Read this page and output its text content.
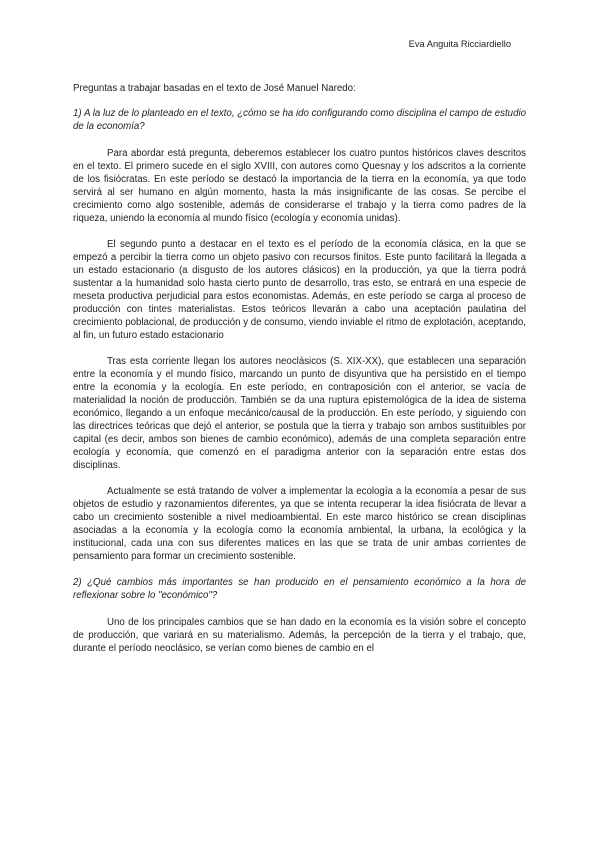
Eva Anguita Ricciardiello

Preguntas a trabajar basadas en el texto de José Manuel Naredo:

1) A la luz de lo planteado en el texto, ¿cómo se ha ido configurando como disciplina el campo de estudio de la economía?

Para abordar está pregunta, deberemos establecer los cuatro puntos históricos claves descritos en el texto. El primero sucede en el siglo XVIII, con autores como Quesnay y los adscritos a la corriente de los fisiócratas. En este período se destacó la importancia de la tierra en la economía, ya que todo servirá al ser humano en algún momento, hasta la más insignificante de las cosas. Se percibe el crecimiento como algo sostenible, además de considerarse el trabajo y la tierra como padres de la riqueza, uniendo la economía al mundo físico (ecología y economía unidas).

El segundo punto a destacar en el texto es el período de la economía clásica, en la que se empezó a percibir la tierra como un objeto pasivo con recursos finitos. Este punto facilitará la llegada a un estado estacionario (a disgusto de los autores clásicos) en la producción, ya que la tierra podrá sustentar a la humanidad solo hasta cierto punto de desarrollo, tras esto, se entrará en una especie de meseta productiva perjudicial para estos economistas. Además, en este período se carga al proceso de producción con tintes materialistas. Estos teóricos llevarán a cabo una aceptación paulatina del crecimiento poblacional, de producción y de consumo, viendo inviable el ritmo de explotación, aceptando, al fin, un futuro estado estacionario

Tras esta corriente llegan los autores neoclásicos (S. XIX-XX), que establecen una separación entre la economía y el mundo físico, marcando un punto de disyuntiva que ha persistido en el tiempo entre la economía y la ecología. En este período, en contraposición con el anterior, se vacía de materialidad la noción de producción. También se da una ruptura epistemológica de la idea de sistema económico, llegando a un enfoque mecánico/causal de la producción. En este período, y siguiendo con las directrices teóricas que dejó el anterior, se postula que la tierra y trabajo son ambos sustituibles por capital (es decir, ambos son bienes de cambio económico), además de una completa separación entre ecología y economía, que comenzó en el paradigma anterior con la separación entre estas dos disciplinas.

Actualmente se está tratando de volver a implementar la ecología a la economía a pesar de sus objetos de estudio y razonamientos diferentes, ya que se intenta recuperar la idea fisiócrata de llevar a cabo un crecimiento sostenible a nivel medioambiental. En este marco histórico se crean disciplinas asociadas a la economía y la ecología como la economía ambiental, la urbana, la ecológica y la institucional, cada una con sus diferentes matices en las que se trata de unir ambas corrientes de pensamiento para formar un crecimiento sostenible.

2) ¿Qué cambios más importantes se han producido en el pensamiento económico a la hora de reflexionar sobre lo "económico"?

Uno de los principales cambios que se han dado en la economía es la visión sobre el concepto de producción, que variará en su materialismo. Además, la percepción de la tierra y el trabajo, que, durante el período neoclásico, se verían como bienes de cambio en el
